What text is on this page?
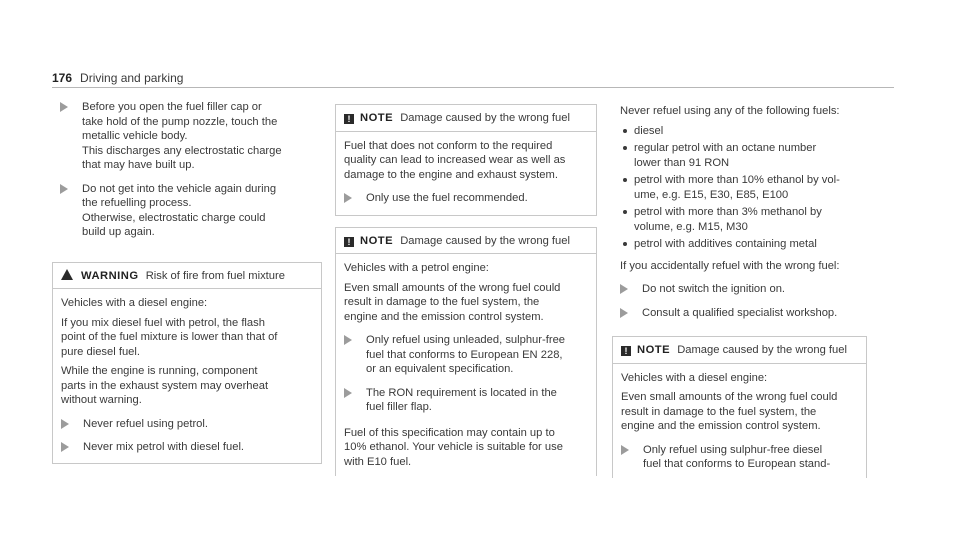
176 Driving and parking
Before you open the fuel filler cap or
take hold of the pump nozzle, touch the
metallic vehicle body.
This discharges any electrostatic charge
that may have built up.
Do not get into the vehicle again during
the refuelling process.
Otherwise, electrostatic charge could
build up again.
WARNING Risk of fire from fuel mixture

Vehicles with a diesel engine:

If you mix diesel fuel with petrol, the flash
point of the fuel mixture is lower than that of
pure diesel fuel.

While the engine is running, component
parts in the exhaust system may overheat
without warning.

Never refuel using petrol.
Never mix petrol with diesel fuel.
! NOTE Damage caused by the wrong fuel

Fuel that does not conform to the required
quality can lead to increased wear as well as
damage to the engine and exhaust system.

Only use the fuel recommended.
! NOTE Damage caused by the wrong fuel

Vehicles with a petrol engine:

Even small amounts of the wrong fuel could
result in damage to the fuel system, the
engine and the emission control system.

Only refuel using unleaded, sulphur-free
fuel that conforms to European EN 228,
or an equivalent specification.
The RON requirement is located in the
fuel filler flap.

Fuel of this specification may contain up to
10% ethanol. Your vehicle is suitable for use
with E10 fuel.

Never refuel using any of the following fuels:

diesel
regular petrol with an octane number
lower than 91 RON
petrol with more than 10% ethanol by vol-
ume, e.g. E15, E30, E85, E100
petrol with more than 3% methanol by
volume, e.g. M15, M30
petrol with additives containing metal

If you accidentally refuel with the wrong fuel:

Do not switch the ignition on.
Consult a qualified specialist workshop.
! NOTE Damage caused by the wrong fuel

Vehicles with a diesel engine:

Even small amounts of the wrong fuel could
result in damage to the fuel system, the
engine and the emission control system.

Only refuel using sulphur-free diesel
fuel that conforms to European stand-
